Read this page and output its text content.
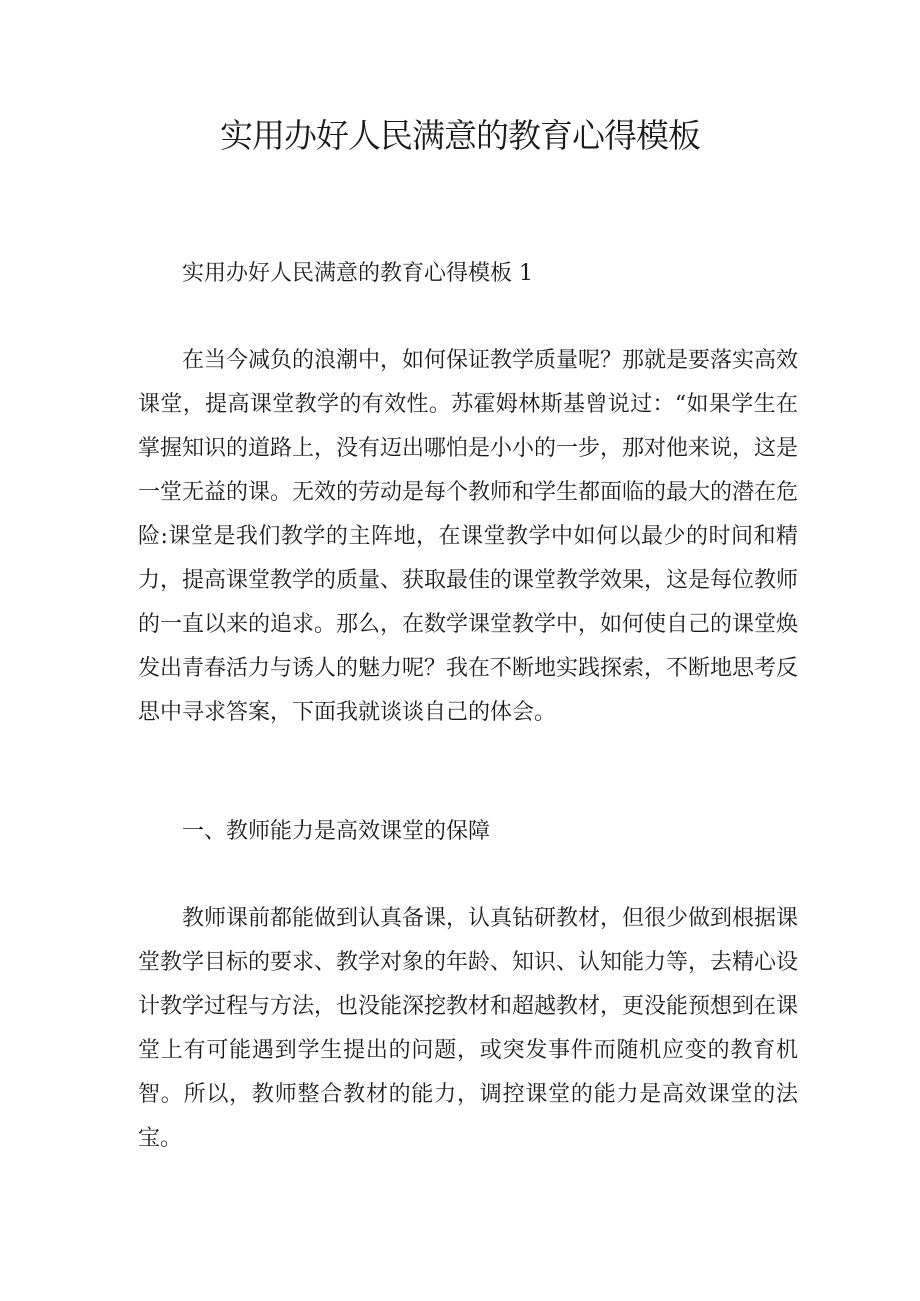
实用办好人民满意的教育心得模板

实用办好人民满意的教育心得模板 1

在当今减负的浪潮中，如何保证教学质量呢？那就是要落实高效课堂，提高课堂教学的有效性。苏霍姆林斯基曾说过：“如果学生在掌握知识的道路上，没有迈出哪怕是小小的一步，那对他来说，这是一堂无益的课。无效的劳动是每个教师和学生都面临的最大的潜在危险:课堂是我们教学的主阵地，在课堂教学中如何以最少的时间和精力，提高课堂教学的质量、获取最佳的课堂教学效果，这是每位教师的一直以来的追求。那么，在数学课堂教学中，如何使自己的课堂焕发出青春活力与诱人的魅力呢？我在不断地实践探索，不断地思考反思中寻求答案，下面我就谈谈自己的体会。

一、教师能力是高效课堂的保障

教师课前都能做到认真备课，认真钻研教材，但很少做到根据课堂教学目标的要求、教学对象的年龄、知识、认知能力等，去精心设计教学过程与方法，也没能深挖教材和超越教材，更没能预想到在课堂上有可能遇到学生提出的问题，或突发事件而随机应变的教育机智。所以，教师整合教材的能力，调控课堂的能力是高效课堂的法宝。
